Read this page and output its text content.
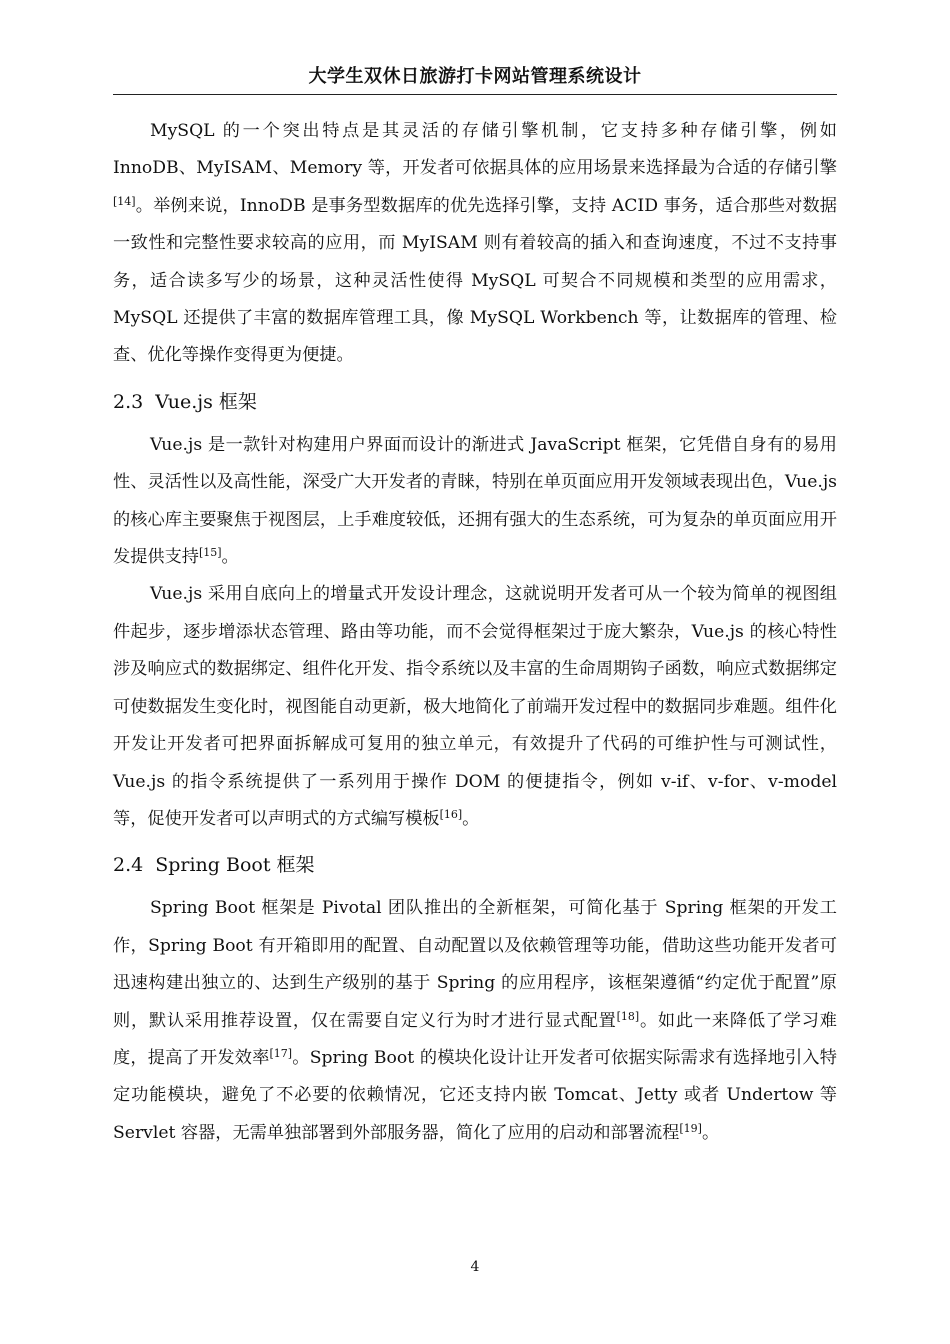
大学生双休日旅游打卡网站管理系统设计

MySQL 的一个突出特点是其灵活的存储引擎机制，它支持多种存储引擎，例如 InnoDB、MyISAM、Memory 等，开发者可依据具体的应用场景来选择最为合适的存储引擎[14]。举例来说，InnoDB 是事务型数据库的优先选择引擎，支持 ACID 事务，适合那些对数据一致性和完整性要求较高的应用，而 MyISAM 则有着较高的插入和查询速度，不过不支持事务，适合读多写少的场景，这种灵活性使得 MySQL 可契合不同规模和类型的应用需求，MySQL 还提供了丰富的数据库管理工具，像 MySQL Workbench 等，让数据库的管理、检查、优化等操作变得更为便捷。

2.3 Vue.js 框架

Vue.js 是一款针对构建用户界面而设计的渐进式 JavaScript 框架，它凭借自身有的易用性、灵活性以及高性能，深受广大开发者的青睐，特别在单页面应用开发领域表现出色，Vue.js 的核心库主要聚焦于视图层，上手难度较低，还拥有强大的生态系统，可为复杂的单页面应用开发提供支持[15]。

Vue.js 采用自底向上的增量式开发设计理念，这就说明开发者可从一个较为简单的视图组件起步，逐步增添状态管理、路由等功能，而不会觉得框架过于庞大繁杂，Vue.js 的核心特性涉及响应式的数据绑定、组件化开发、指令系统以及丰富的生命周期钩子函数，响应式数据绑定可使数据发生变化时，视图能自动更新，极大地简化了前端开发过程中的数据同步难题。组件化开发让开发者可把界面拆解成可复用的独立单元，有效提升了代码的可维护性与可测试性，Vue.js 的指令系统提供了一系列用于操作 DOM 的便捷指令，例如 v-if、v-for、v-model 等，促使开发者可以声明式的方式编写模板[16]。

2.4 Spring Boot 框架

Spring Boot 框架是 Pivotal 团队推出的全新框架，可简化基于 Spring 框架的开发工作，Spring Boot 有开箱即用的配置、自动配置以及依赖管理等功能，借助这些功能开发者可迅速构建出独立的、达到生产级别的基于 Spring 的应用程序，该框架遵循“约定优于配置”原则，默认采用推荐设置，仅在需要自定义行为时才进行显式配置[18]。如此一来降低了学习难度，提高了开发效率[17]。Spring Boot 的模块化设计让开发者可依据实际需求有选择地引入特定功能模块，避免了不必要的依赖情况，它还支持内嵌 Tomcat、Jetty 或者 Undertow 等 Servlet 容器，无需单独部署到外部服务器，简化了应用的启动和部署流程[19]。

4
